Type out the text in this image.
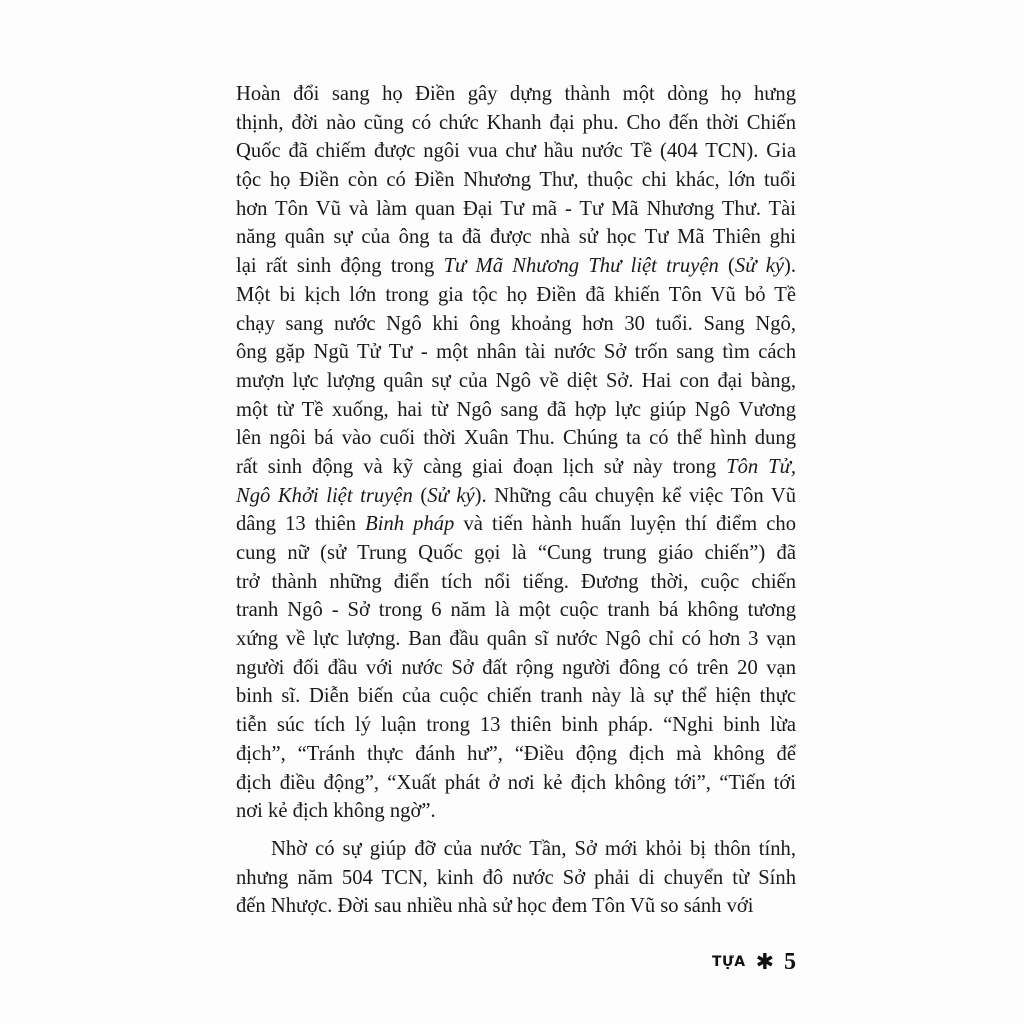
Hoàn đổi sang họ Điền gây dựng thành một dòng họ hưng
thịnh, đời nào cũng có chức Khanh đại phu. Cho đến thời Chiến
Quốc đã chiếm được ngôi vua chư hầu nước Tề (404 TCN). Gia
tộc họ Điền còn có Điền Nhương Thư, thuộc chi khác, lớn tuổi
hơn Tôn Vũ và làm quan Đại Tư mã - Tư Mã Nhương Thư. Tài
năng quân sự của ông ta đã được nhà sử học Tư Mã Thiên ghi
lại rất sinh động trong Tư Mã Nhương Thư liệt truyện (Sử ký).
Một bi kịch lớn trong gia tộc họ Điền đã khiến Tôn Vũ bỏ Tề
chạy sang nước Ngô khi ông khoảng hơn 30 tuổi. Sang Ngô,
ông gặp Ngũ Tử Tư - một nhân tài nước Sở trốn sang tìm cách
mượn lực lượng quân sự của Ngô về diệt Sở. Hai con đại bàng,
một từ Tề xuống, hai từ Ngô sang đã hợp lực giúp Ngô Vương
lên ngôi bá vào cuối thời Xuân Thu. Chúng ta có thể hình dung
rất sinh động và kỹ càng giai đoạn lịch sử này trong Tôn Tử,
Ngô Khởi liệt truyện (Sử ký). Những câu chuyện kể việc Tôn Vũ
dâng 13 thiên Binh pháp và tiến hành huấn luyện thí điểm cho
cung nữ (sử Trung Quốc gọi là “Cung trung giáo chiến”) đã
trở thành những điển tích nổi tiếng. Đương thời, cuộc chiến
tranh Ngô - Sở trong 6 năm là một cuộc tranh bá không tương
xứng về lực lượng. Ban đầu quân sĩ nước Ngô chỉ có hơn 3 vạn
người đối đầu với nước Sở đất rộng người đông có trên 20 vạn
binh sĩ. Diễn biến của cuộc chiến tranh này là sự thể hiện thực
tiễn súc tích lý luận trong 13 thiên binh pháp. “Nghi binh lừa
địch”, “Tránh thực đánh hư”, “Điều động địch mà không để
địch điều động”, “Xuất phát ở nơi kẻ địch không tới”, “Tiến tới
nơi kẻ địch không ngờ”.
Nhờ có sự giúp đỡ của nước Tần, Sở mới khỏi bị thôn tính,
nhưng năm 504 TCN, kinh đô nước Sở phải di chuyển từ Sính
đến Nhược. Đời sau nhiều nhà sử học đem Tôn Vũ so sánh với
TỰA ✱ 5
